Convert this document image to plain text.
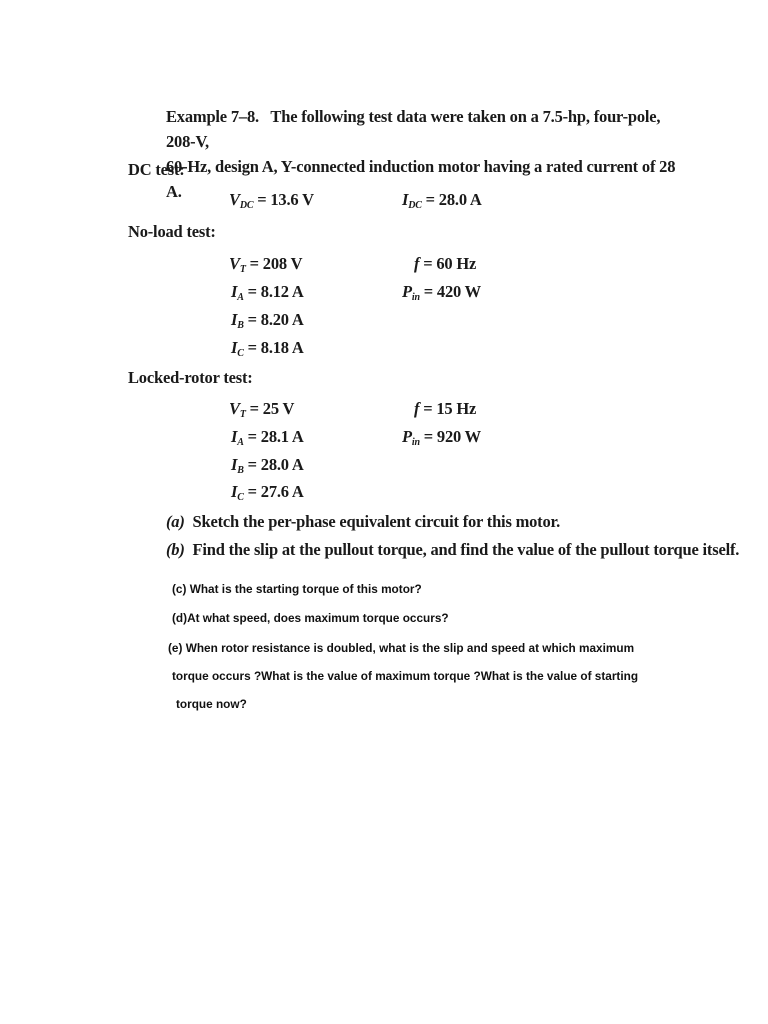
Example 7–8. The following test data were taken on a 7.5-hp, four-pole, 208-V,
60-Hz, design A, Y-connected induction motor having a rated current of 28 A.
DC test:
$V_{DC} = 13.6$ V	$I_{DC} = 28.0$ A
No-load test:
$V_T = 208$ V
$I_A = 8.12$ A
$I_B = 8.20$ A
$I_C = 8.18$ A
f = 60 Hz
$P_{in} = 420$ W
Locked-rotor test:
$V_T = 25$ V
$I_A = 28.1$ A
$I_B = 28.0$ A
$I_C = 27.6$ A
f = 15 Hz
$P_{in} = 920$ W
(a) Sketch the per-phase equivalent circuit for this motor.
(b) Find the slip at the pullout torque, and find the value of the pullout torque itself.
(c) What is the starting torque of this motor?
(d)At what speed, does maximum torque occurs?
(e) When rotor resistance is doubled, what is the slip and speed at which maximum
torque occurs ?What is the value of maximum torque ?What is the value of starting
torque now?
